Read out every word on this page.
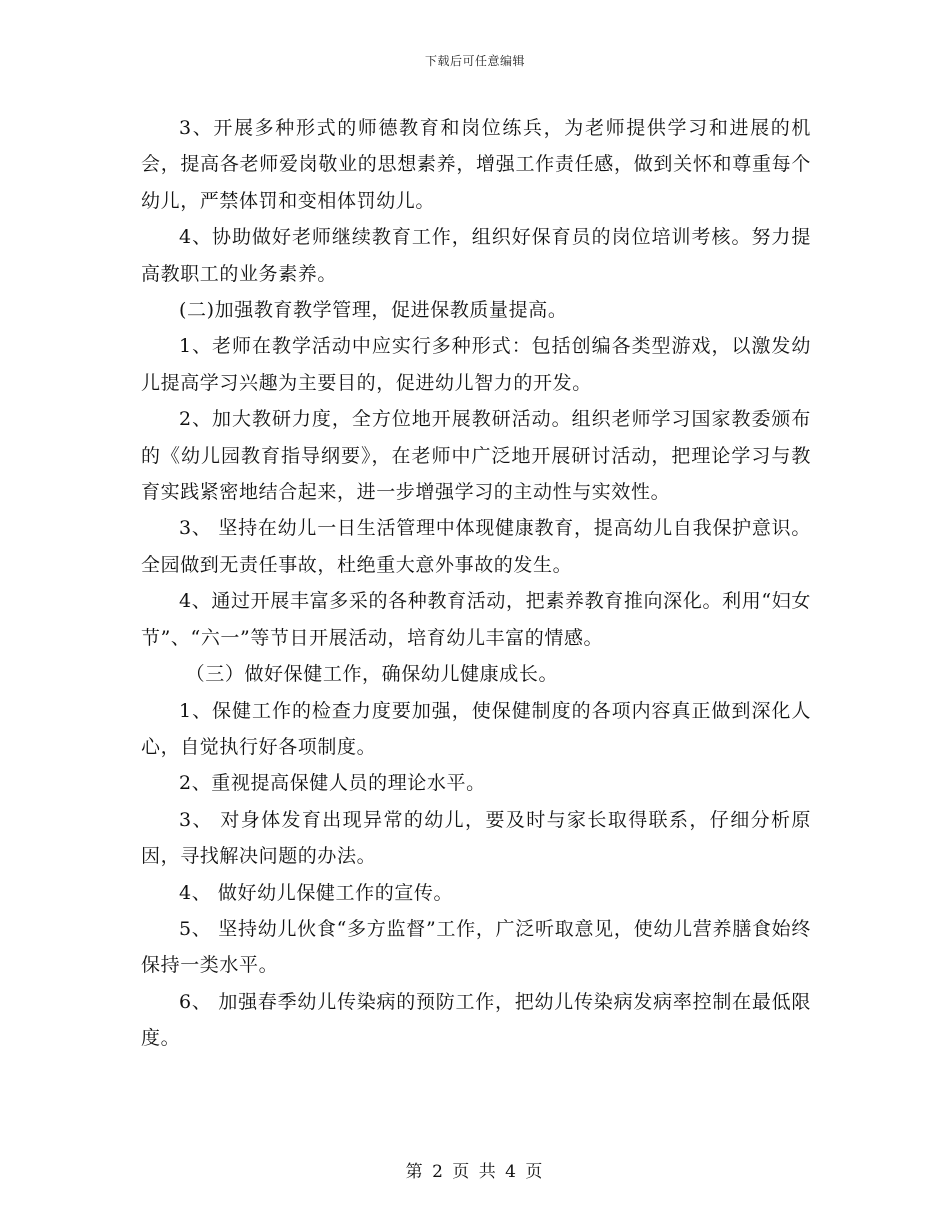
下载后可任意编辑

3、开展多种形式的师德教育和岗位练兵，为老师提供学习和进展的机会，提高各老师爱岗敬业的思想素养，增强工作责任感，做到关怀和尊重每个幼儿，严禁体罚和变相体罚幼儿。

4、协助做好老师继续教育工作，组织好保育员的岗位培训考核。努力提高教职工的业务素养。

(二)加强教育教学管理，促进保教质量提高。

1、老师在教学活动中应实行多种形式：包括创编各类型游戏，以激发幼儿提高学习兴趣为主要目的，促进幼儿智力的开发。

2、加大教研力度，全方位地开展教研活动。组织老师学习国家教委颁布的《幼儿园教育指导纲要》，在老师中广泛地开展研讨活动，把理论学习与教育实践紧密地结合起来，进一步增强学习的主动性与实效性。

3、 坚持在幼儿一日生活管理中体现健康教育，提高幼儿自我保护意识。全园做到无责任事故，杜绝重大意外事故的发生。

4、通过开展丰富多采的各种教育活动，把素养教育推向深化。利用“妇女节”、“六一”等节日开展活动，培育幼儿丰富的情感。

（三）做好保健工作，确保幼儿健康成长。

1、保健工作的检查力度要加强，使保健制度的各项内容真正做到深化人心，自觉执行好各项制度。

2、重视提高保健人员的理论水平。

3、 对身体发育出现异常的幼儿，要及时与家长取得联系，仔细分析原因，寻找解决问题的办法。

4、 做好幼儿保健工作的宣传。

5、 坚持幼儿伙食“多方监督”工作，广泛听取意见，使幼儿营养膳食始终保持一类水平。

6、 加强春季幼儿传染病的预防工作，把幼儿传染病发病率控制在最低限度。

第 2 页 共 4 页
